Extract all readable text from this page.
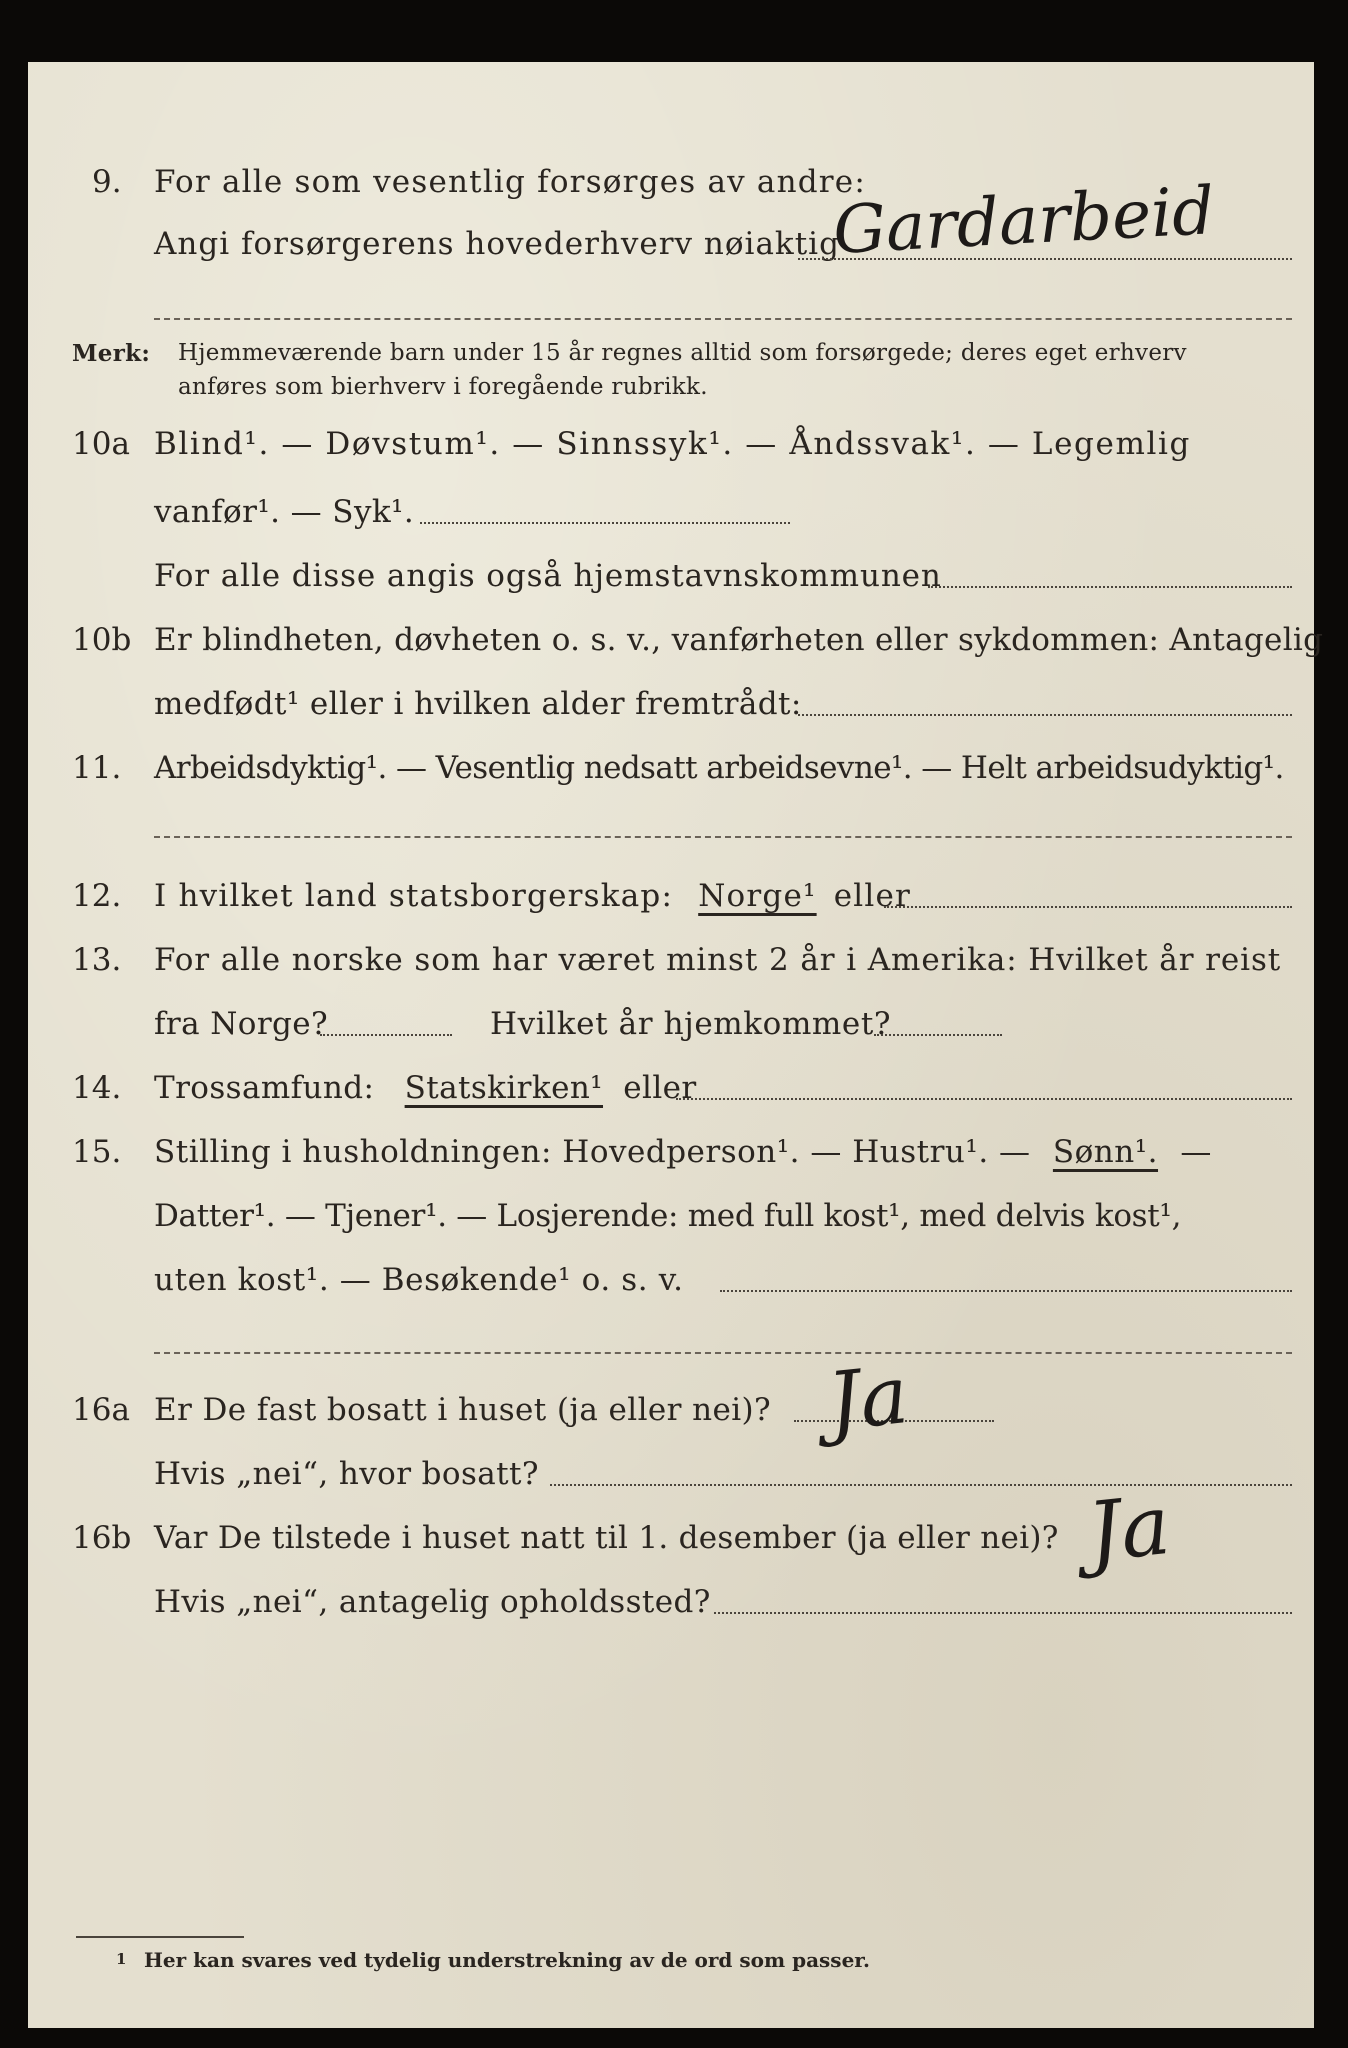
9. For alle som vesentlig forsørges av andre:
Angi forsørgerens hovederhverv nøiaktig
Gardarbeid
Merk: Hjemmeværende barn under 15 år regnes alltid som forsørgede; deres eget erhverv
anføres som bierhverv i foregående rubrikk.
10a Blind¹. — Døvstum¹. — Sinnssyk¹. — Åndssvak¹. — Legemlig
vanfør¹. — Syk¹.
For alle disse angis også hjemstavnskommunen
10b Er blindheten, døvheten o. s. v., vanførheten eller sykdommen: Antagelig
medfødt¹ eller i hvilken alder fremtrådt:
11. Arbeidsdyktig¹. — Vesentlig nedsatt arbeidsevne¹. — Helt arbeidsudyktig¹.
12. I hvilket land statsborgerskap: Norge¹ eller
13. For alle norske som har været minst 2 år i Amerika: Hvilket år reist
fra Norge?	Hvilket år hjemkommet?
14. Trossamfund: Statskirken¹ eller
15. Stilling i husholdningen: Hovedperson¹. — Hustru¹. — Sønn¹. —
Datter¹. — Tjener¹. — Losjerende: med full kost¹, med delvis kost¹,
uten kost¹. — Besøkende¹ o. s. v.
16a Er De fast bosatt i huset (ja eller nei)? Ja
Hvis „nei“, hvor bosatt?
16b Var De tilstede i huset natt til 1. desember (ja eller nei)? Ja
Hvis „nei“, antagelig opholdssted?
1 Her kan svares ved tydelig understrekning av de ord som passer.
